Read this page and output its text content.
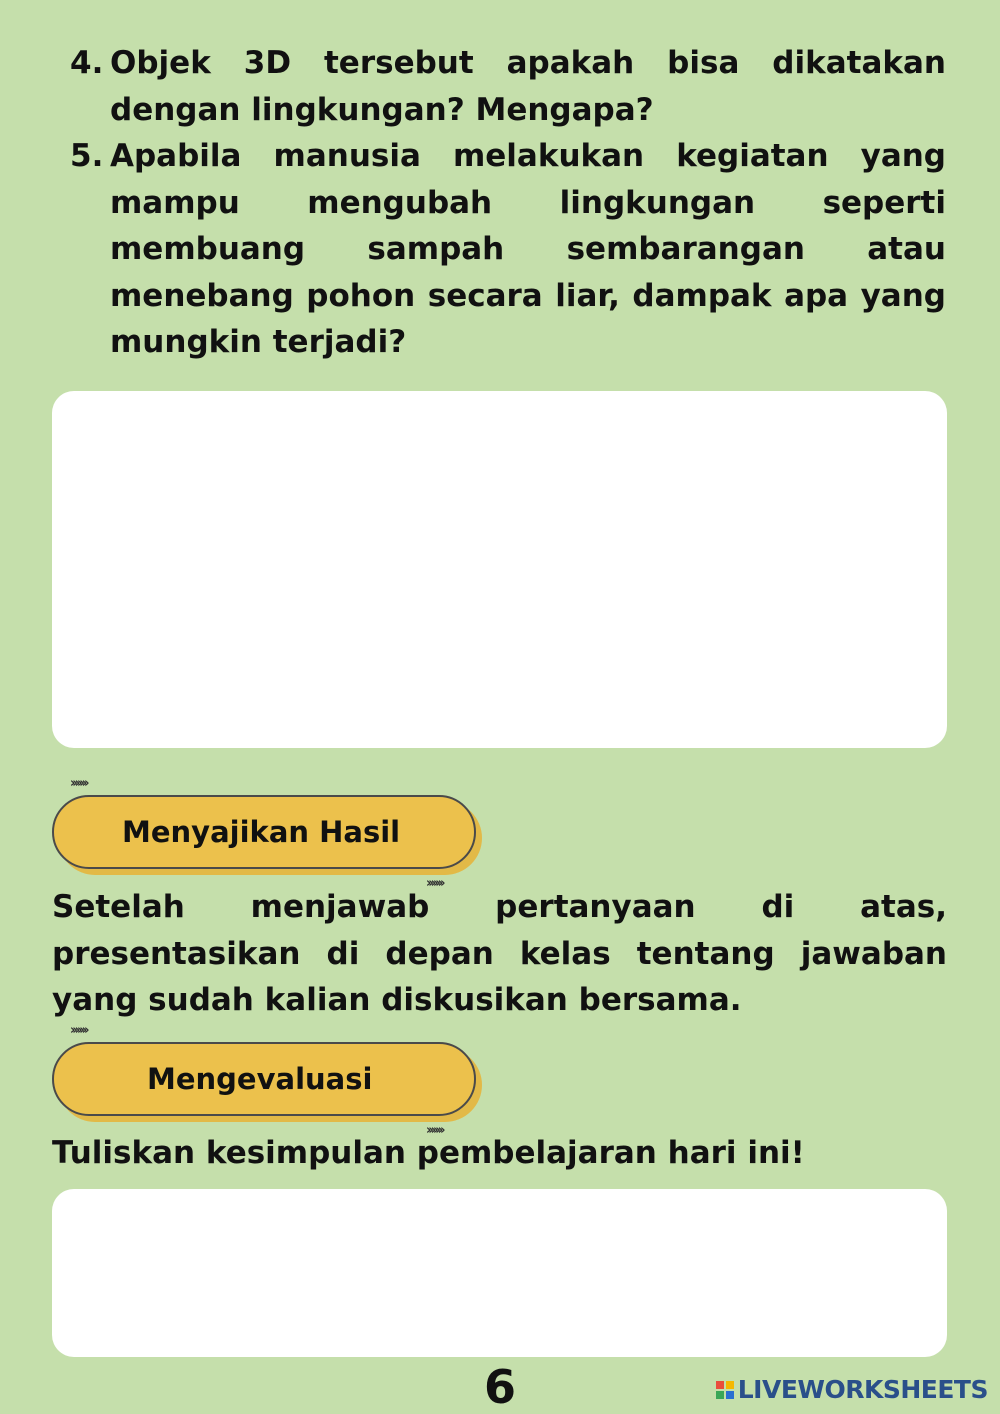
4. Objek 3D tersebut apakah bisa dikatakan dengan lingkungan? Mengapa?
5. Apabila manusia melakukan kegiatan yang mampu mengubah lingkungan seperti membuang sampah sembarangan atau menebang pohon secara liar, dampak apa yang mungkin terjadi?
›››››››
Menyajikan Hasil
›››››››

Setelah menjawab pertanyaan di atas, presentasikan di depan kelas tentang jawaban yang sudah kalian diskusikan bersama.

›››››››
Mengevaluasi
›››››››

Tuliskan kesimpulan pembelajaran hari ini!

6	LIVEWORKSHEETS
